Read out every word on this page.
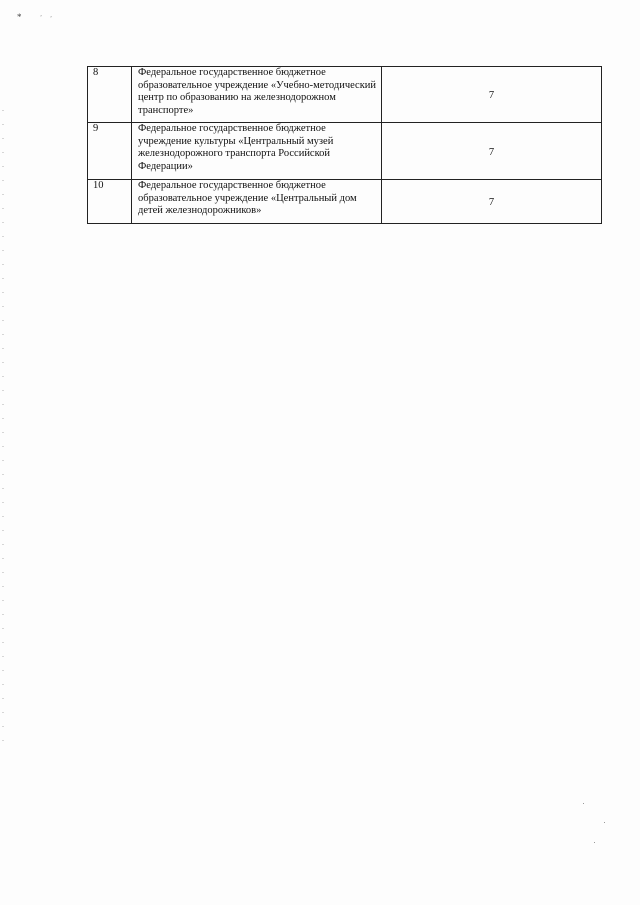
*	ʼ ʼ
8	Федеральное государственное бюджетное образовательное учреждение «Учебно-методический центр по образованию на железнодорожном транспорте»	7
9	Федеральное государственное бюджетное учреждение культуры «Центральный музей железнодорожного транспорта Российской Федерации»	7
10	Федеральное государственное бюджетное образовательное учреждение «Центральный дом детей железнодорожников»	7
